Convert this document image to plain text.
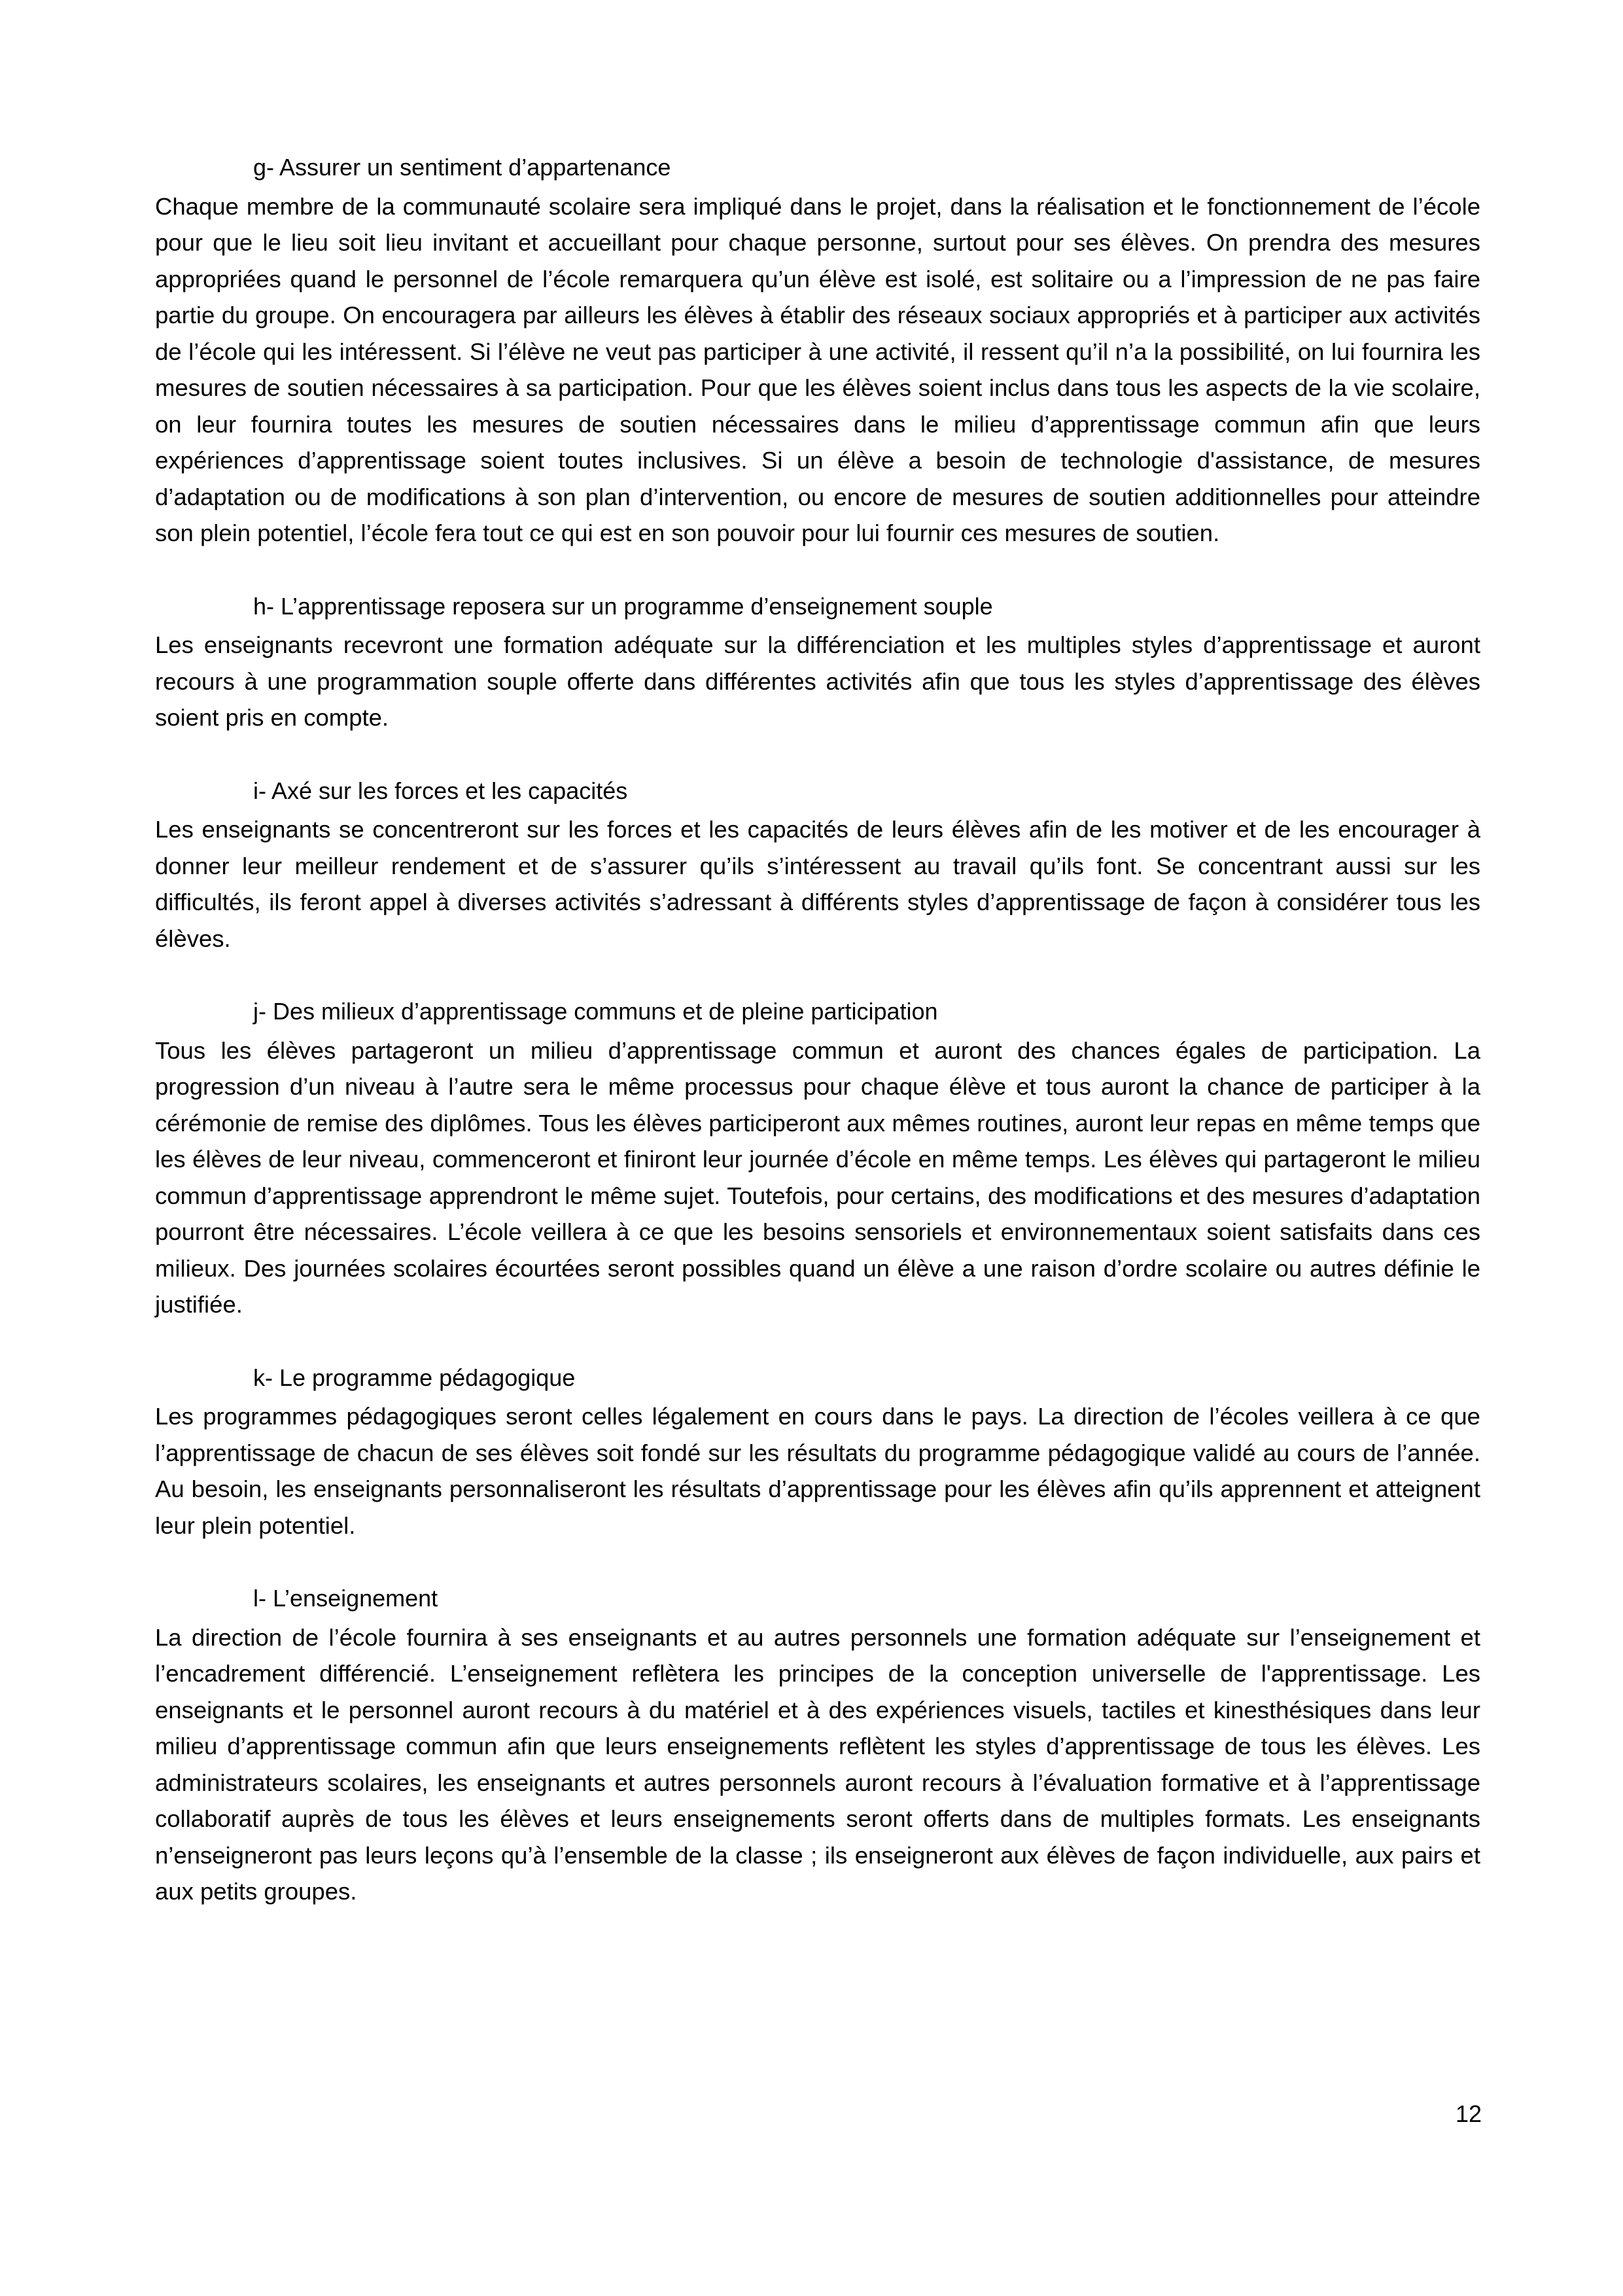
g- Assurer un sentiment d’appartenance

Chaque membre de la communauté scolaire sera impliqué dans le projet, dans la réalisation et le fonctionnement de l’école pour que le lieu soit lieu invitant et accueillant pour chaque personne, surtout pour ses élèves. On prendra des mesures appropriées quand le personnel de l’école remarquera qu’un élève est isolé, est solitaire ou a l’impression de ne pas faire partie du groupe. On encouragera par ailleurs les élèves à établir des réseaux sociaux appropriés et à participer aux activités de l’école qui les intéressent. Si l’élève ne veut pas participer à une activité, il ressent qu’il n’a la possibilité, on lui fournira les mesures de soutien nécessaires à sa participation. Pour que les élèves soient inclus dans tous les aspects de la vie scolaire, on leur fournira toutes les mesures de soutien nécessaires dans le milieu d’apprentissage commun afin que leurs expériences d’apprentissage soient toutes inclusives. Si un élève a besoin de technologie d'assistance, de mesures d’adaptation ou de modifications à son plan d’intervention, ou encore de mesures de soutien additionnelles pour atteindre son plein potentiel, l’école fera tout ce qui est en son pouvoir pour lui fournir ces mesures de soutien.

h- L’apprentissage reposera sur un programme d’enseignement souple

Les enseignants recevront une formation adéquate sur la différenciation et les multiples styles d’apprentissage et auront recours à une programmation souple offerte dans différentes activités afin que tous les styles d’apprentissage des élèves soient pris en compte.

i- Axé sur les forces et les capacités

Les enseignants se concentreront sur les forces et les capacités de leurs élèves afin de les motiver et de les encourager à donner leur meilleur rendement et de s’assurer qu’ils s’intéressent au travail qu’ils font. Se concentrant aussi sur les difficultés, ils feront appel à diverses activités s’adressant à différents styles d’apprentissage de façon à considérer tous les élèves.

j- Des milieux d’apprentissage communs et de pleine participation

Tous les élèves partageront un milieu d’apprentissage commun et auront des chances égales de participation. La progression d’un niveau à l’autre sera le même processus pour chaque élève et tous auront la chance de participer à la cérémonie de remise des diplômes. Tous les élèves participeront aux mêmes routines, auront leur repas en même temps que les élèves de leur niveau, commenceront et finiront leur journée d’école en même temps. Les élèves qui partageront le milieu commun d’apprentissage apprendront le même sujet. Toutefois, pour certains, des modifications et des mesures d’adaptation pourront être nécessaires. L’école veillera à ce que les besoins sensoriels et environnementaux soient satisfaits dans ces milieux. Des journées scolaires écourtées seront possibles quand un élève a une raison d’ordre scolaire ou autres définie le justifiée.

k- Le programme pédagogique

Les programmes pédagogiques seront celles légalement en cours dans le pays. La direction de l’écoles veillera à ce que l’apprentissage de chacun de ses élèves soit fondé sur les résultats du programme pédagogique validé au cours de l’année. Au besoin, les enseignants personnaliseront les résultats d’apprentissage pour les élèves afin qu’ils apprennent et atteignent leur plein potentiel.

l- L’enseignement

La direction de l’école fournira à ses enseignants et au autres personnels une formation adéquate sur l’enseignement et l’encadrement différencié. L’enseignement reflètera les principes de la conception universelle de l'apprentissage. Les enseignants et le personnel auront recours à du matériel et à des expériences visuels, tactiles et kinesthésiques dans leur milieu d’apprentissage commun afin que leurs enseignements reflètent les styles d’apprentissage de tous les élèves. Les administrateurs scolaires, les enseignants et autres personnels auront recours à l’évaluation formative et à l’apprentissage collaboratif auprès de tous les élèves et leurs enseignements seront offerts dans de multiples formats. Les enseignants n’enseigneront pas leurs leçons qu’à l’ensemble de la classe ; ils enseigneront aux élèves de façon individuelle, aux pairs et aux petits groupes.

12
